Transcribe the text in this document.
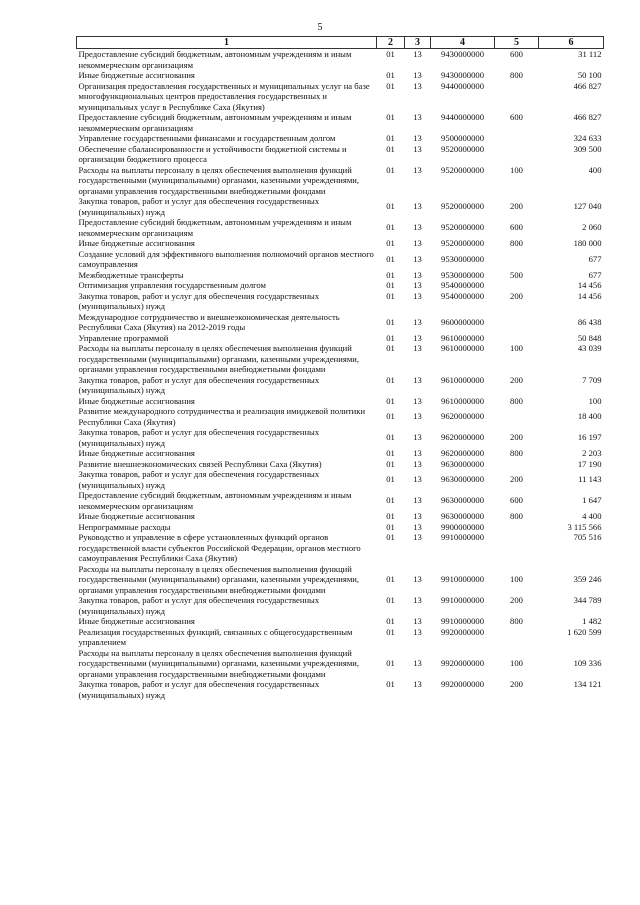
5
1	2	3	4	5	6
Предоставление субсидий бюджетным, автономным учреждениям и иным некоммерческим организациям	01	13	9430000000	600	31 112
Иные бюджетные ассигнования	01	13	9430000000	800	50 100
Организация предоставления государственных и муниципальных услуг на базе многофункциональных центров предоставления государственных и муниципальных услуг в Республике Саха (Якутия)	01	13	9440000000		466 827
Предоставление субсидий бюджетным, автономным учреждениям и иным некоммерческим организациям	01	13	9440000000	600	466 827
Управление государственными финансами и государственным долгом	01	13	9500000000		324 633
Обеспечение сбалансированности и устойчивости бюджетной системы и организации бюджетного процесса	01	13	9520000000		309 500
Расходы на выплаты персоналу в целях обеспечения выполнения функций государственными (муниципальными) органами, казенными учреждениями, органами управления государственными внебюджетными фондами	01	13	9520000000	100	400
Закупка товаров, работ и услуг для обеспечения государственных (муниципальных) нужд	01	13	9520000000	200	127 040
Предоставление субсидий бюджетным, автономным учреждениям и иным некоммерческим организациям	01	13	9520000000	600	2 060
Иные бюджетные ассигнования	01	13	9520000000	800	180 000
Создание условий для эффективного выполнения полномочий органов местного самоуправления	01	13	9530000000		677
Межбюджетные трансферты	01	13	9530000000	500	677
Оптимизация управления государственным долгом	01	13	9540000000		14 456
Закупка товаров, работ и услуг для обеспечения государственных (муниципальных) нужд	01	13	9540000000	200	14 456
Международное сотрудничество и внешнеэкономическая деятельность Республики Саха (Якутия) на 2012-2019 годы	01	13	9600000000		86 438
Управление программой	01	13	9610000000		50 848
Расходы на выплаты персоналу в целях обеспечения выполнения функций государственными (муниципальными) органами, казенными учреждениями, органами управления государственными внебюджетными фондами	01	13	9610000000	100	43 039
Закупка товаров, работ и услуг для обеспечения государственных (муниципальных) нужд	01	13	9610000000	200	7 709
Иные бюджетные ассигнования	01	13	9610000000	800	100
Развитие международного сотрудничества и реализация имиджевой политики Республики Саха (Якутия)	01	13	9620000000		18 400
Закупка товаров, работ и услуг для обеспечения государственных (муниципальных) нужд	01	13	9620000000	200	16 197
Иные бюджетные ассигнования	01	13	9620000000	800	2 203
Развитие внешнеэкономических связей Республики Саха (Якутия)	01	13	9630000000		17 190
Закупка товаров, работ и услуг для обеспечения государственных (муниципальных) нужд	01	13	9630000000	200	11 143
Предоставление субсидий бюджетным, автономным учреждениям и иным некоммерческим организациям	01	13	9630000000	600	1 647
Иные бюджетные ассигнования	01	13	9630000000	800	4 400
Непрограммные расходы	01	13	9900000000		3 115 566
Руководство и управление в сфере установленных функций органов государственной власти субъектов Российской Федерации, органов местного самоуправления Республики Саха (Якутия)	01	13	9910000000		705 516
Расходы на выплаты персоналу в целях обеспечения выполнения функций государственными (муниципальными) органами, казенными учреждениями, органами управления государственными внебюджетными фондами	01	13	9910000000	100	359 246
Закупка товаров, работ и услуг для обеспечения государственных (муниципальных) нужд	01	13	9910000000	200	344 789
Иные бюджетные ассигнования	01	13	9910000000	800	1 482
Реализация государственных функций, связанных с общегосударственным управлением	01	13	9920000000		1 620 599
Расходы на выплаты персоналу в целях обеспечения выполнения функций государственными (муниципальными) органами, казенными учреждениями, органами управления государственными внебюджетными фондами	01	13	9920000000	100	109 336
Закупка товаров, работ и услуг для обеспечения государственных (муниципальных) нужд	01	13	9920000000	200	134 121
